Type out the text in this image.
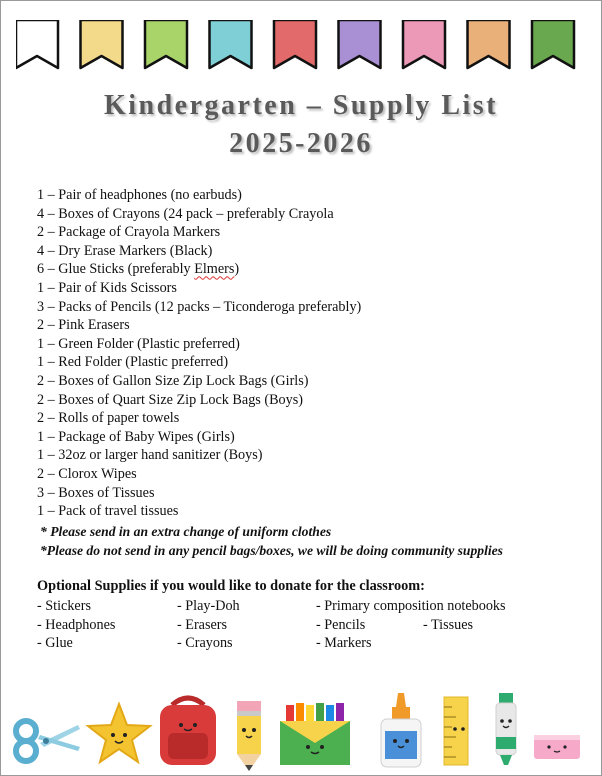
Kindergarten – Supply List
2025-2026
1 – Pair of headphones (no earbuds)
4 – Boxes of Crayons (24 pack – preferably Crayola
2 – Package of Crayola Markers
4 – Dry Erase Markers (Black)
6 – Glue Sticks (preferably Elmers)
1 – Pair of Kids Scissors
3 – Packs of Pencils (12 packs – Ticonderoga preferably)
2 – Pink Erasers
1 – Green Folder (Plastic preferred)
1 – Red Folder (Plastic preferred)
2 – Boxes of Gallon Size Zip Lock Bags (Girls)
2 – Boxes of Quart Size Zip Lock Bags (Boys)
2 – Rolls of paper towels
1 – Package of Baby Wipes (Girls)
1 – 32oz or larger hand sanitizer (Boys)
2 – Clorox Wipes
3 – Boxes of Tissues
1 – Pack of travel tissues
* Please send in an extra change of uniform clothes
*Please do not send in any pencil bags/boxes, we will be doing community supplies
Optional Supplies if you would like to donate for the classroom:
- Stickers
- Headphones
- Glue
- Play-Doh
- Erasers
- Crayons
- Primary composition notebooks
- Pencils
- Markers
- Tissues
